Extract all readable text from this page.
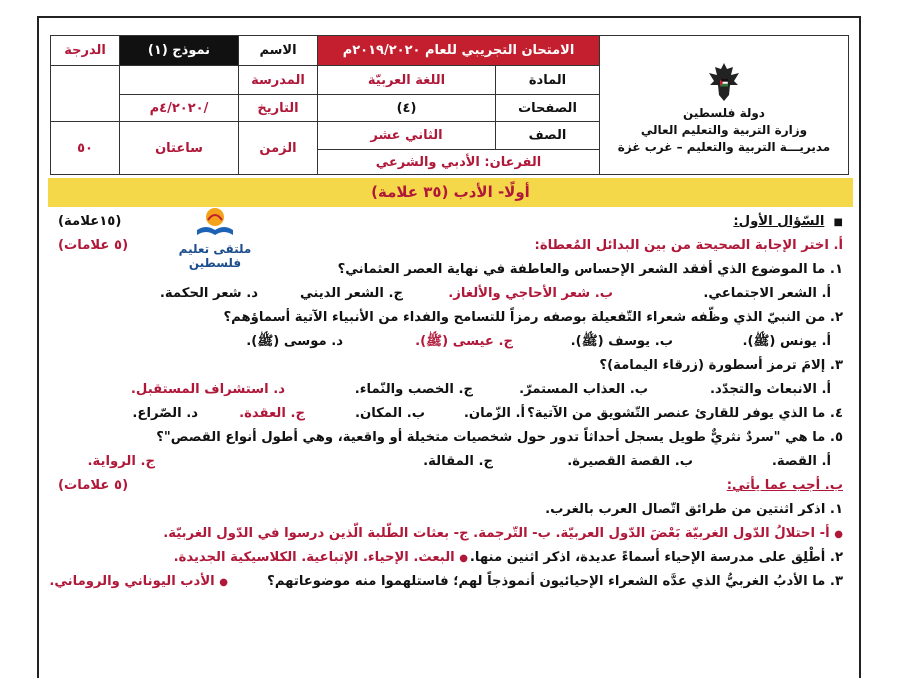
دولة فلسطين
وزارة التربية والتعليم العالي
مديريـــة التربية والتعليم – غرب غزة	الامتحان التجريبي للعام ٢٠١٩/٢٠٢٠م		الاسم	نموذج (١)	الدرجة
	المادة	اللغة العربيّة	المدرسة		
	الصفحات	(٤)	التاريخ	/٤/٢٠٢٠م	
	الصف	الثاني عشر	الزمن	ساعتان	٥٠
	الفرعان: الأدبي والشرعي				
أولًا- الأدب (٣٥ علامة)
ملتقى تعليم فلسطين
■  السّؤال الأول:
(١٥علامة)
أ. اختر الإجابة الصحيحة من بين البدائل المُعطاة:
(٥ علامات)
١. ما الموضوع الذي أفقد الشعر الإحساس والعاطفة في نهاية العصر العثماني؟
أ. الشعر الاجتماعي.
ب. شعر الأحاجي والألغاز.
ج. الشعر الديني
د. شعر الحكمة.
٢. من النبيّ الذي وظّفه شعراء التّفعيلة بوصفه رمزاً للتسامح والفداء من الأنبياء الآتية أسماؤهم؟
أ. يونس (ﷺ).
ب. يوسف (ﷺ).
ج. عيسى (ﷺ).
د. موسى (ﷺ).
٣. إلامَ ترمز أسطورة (زرقاء اليمامة)؟
أ. الانبعاث والتجدّد.
ب. العذاب المستمرّ.
ج. الخصب والنّماء.
د. استشراف المستقبل.
٤. ما الذي يوفر للقارئ عنصر التّشويق من الآتية؟
أ. الزّمان.
ب. المكان.
ج. العقدة.
د. الصّراع.
٥. ما هي "سردٌ نثريٌّ طويل يسجل أحداثاً تدور حول شخصيات متخيلة أو واقعية، وهي أطول أنواع القصص"؟
أ. القصة.
ب. القصة القصيرة.
ج. المقالة.
ج. الرواية.
ب. أجب عما يأتي:
(٥ علامات)
١. اذكر اثنتين من طرائق اتّصال العرب بالغرب.
● أ- احتلالُ الدّول الغربيّة بَعْضَ الدّول العربيّة. ب- التّرجمة. ج- بعثات الطّلبة الّذين درسوا في الدّول الغربيّة.
٢. أطْلِق على مدرسة الإحياء أسماءً عديدة، اذكر اثنين منها.
● البعث. الإحياء. الإتباعية. الكلاسيكية الجديدة.
٣. ما الأدبُ الغربيُّ الذي عدَّه الشعراء الإحيائيون أنموذجاً لهم؛ فاستلهموا منه موضوعاتهم؟
● الأدب اليوناني والروماني.
